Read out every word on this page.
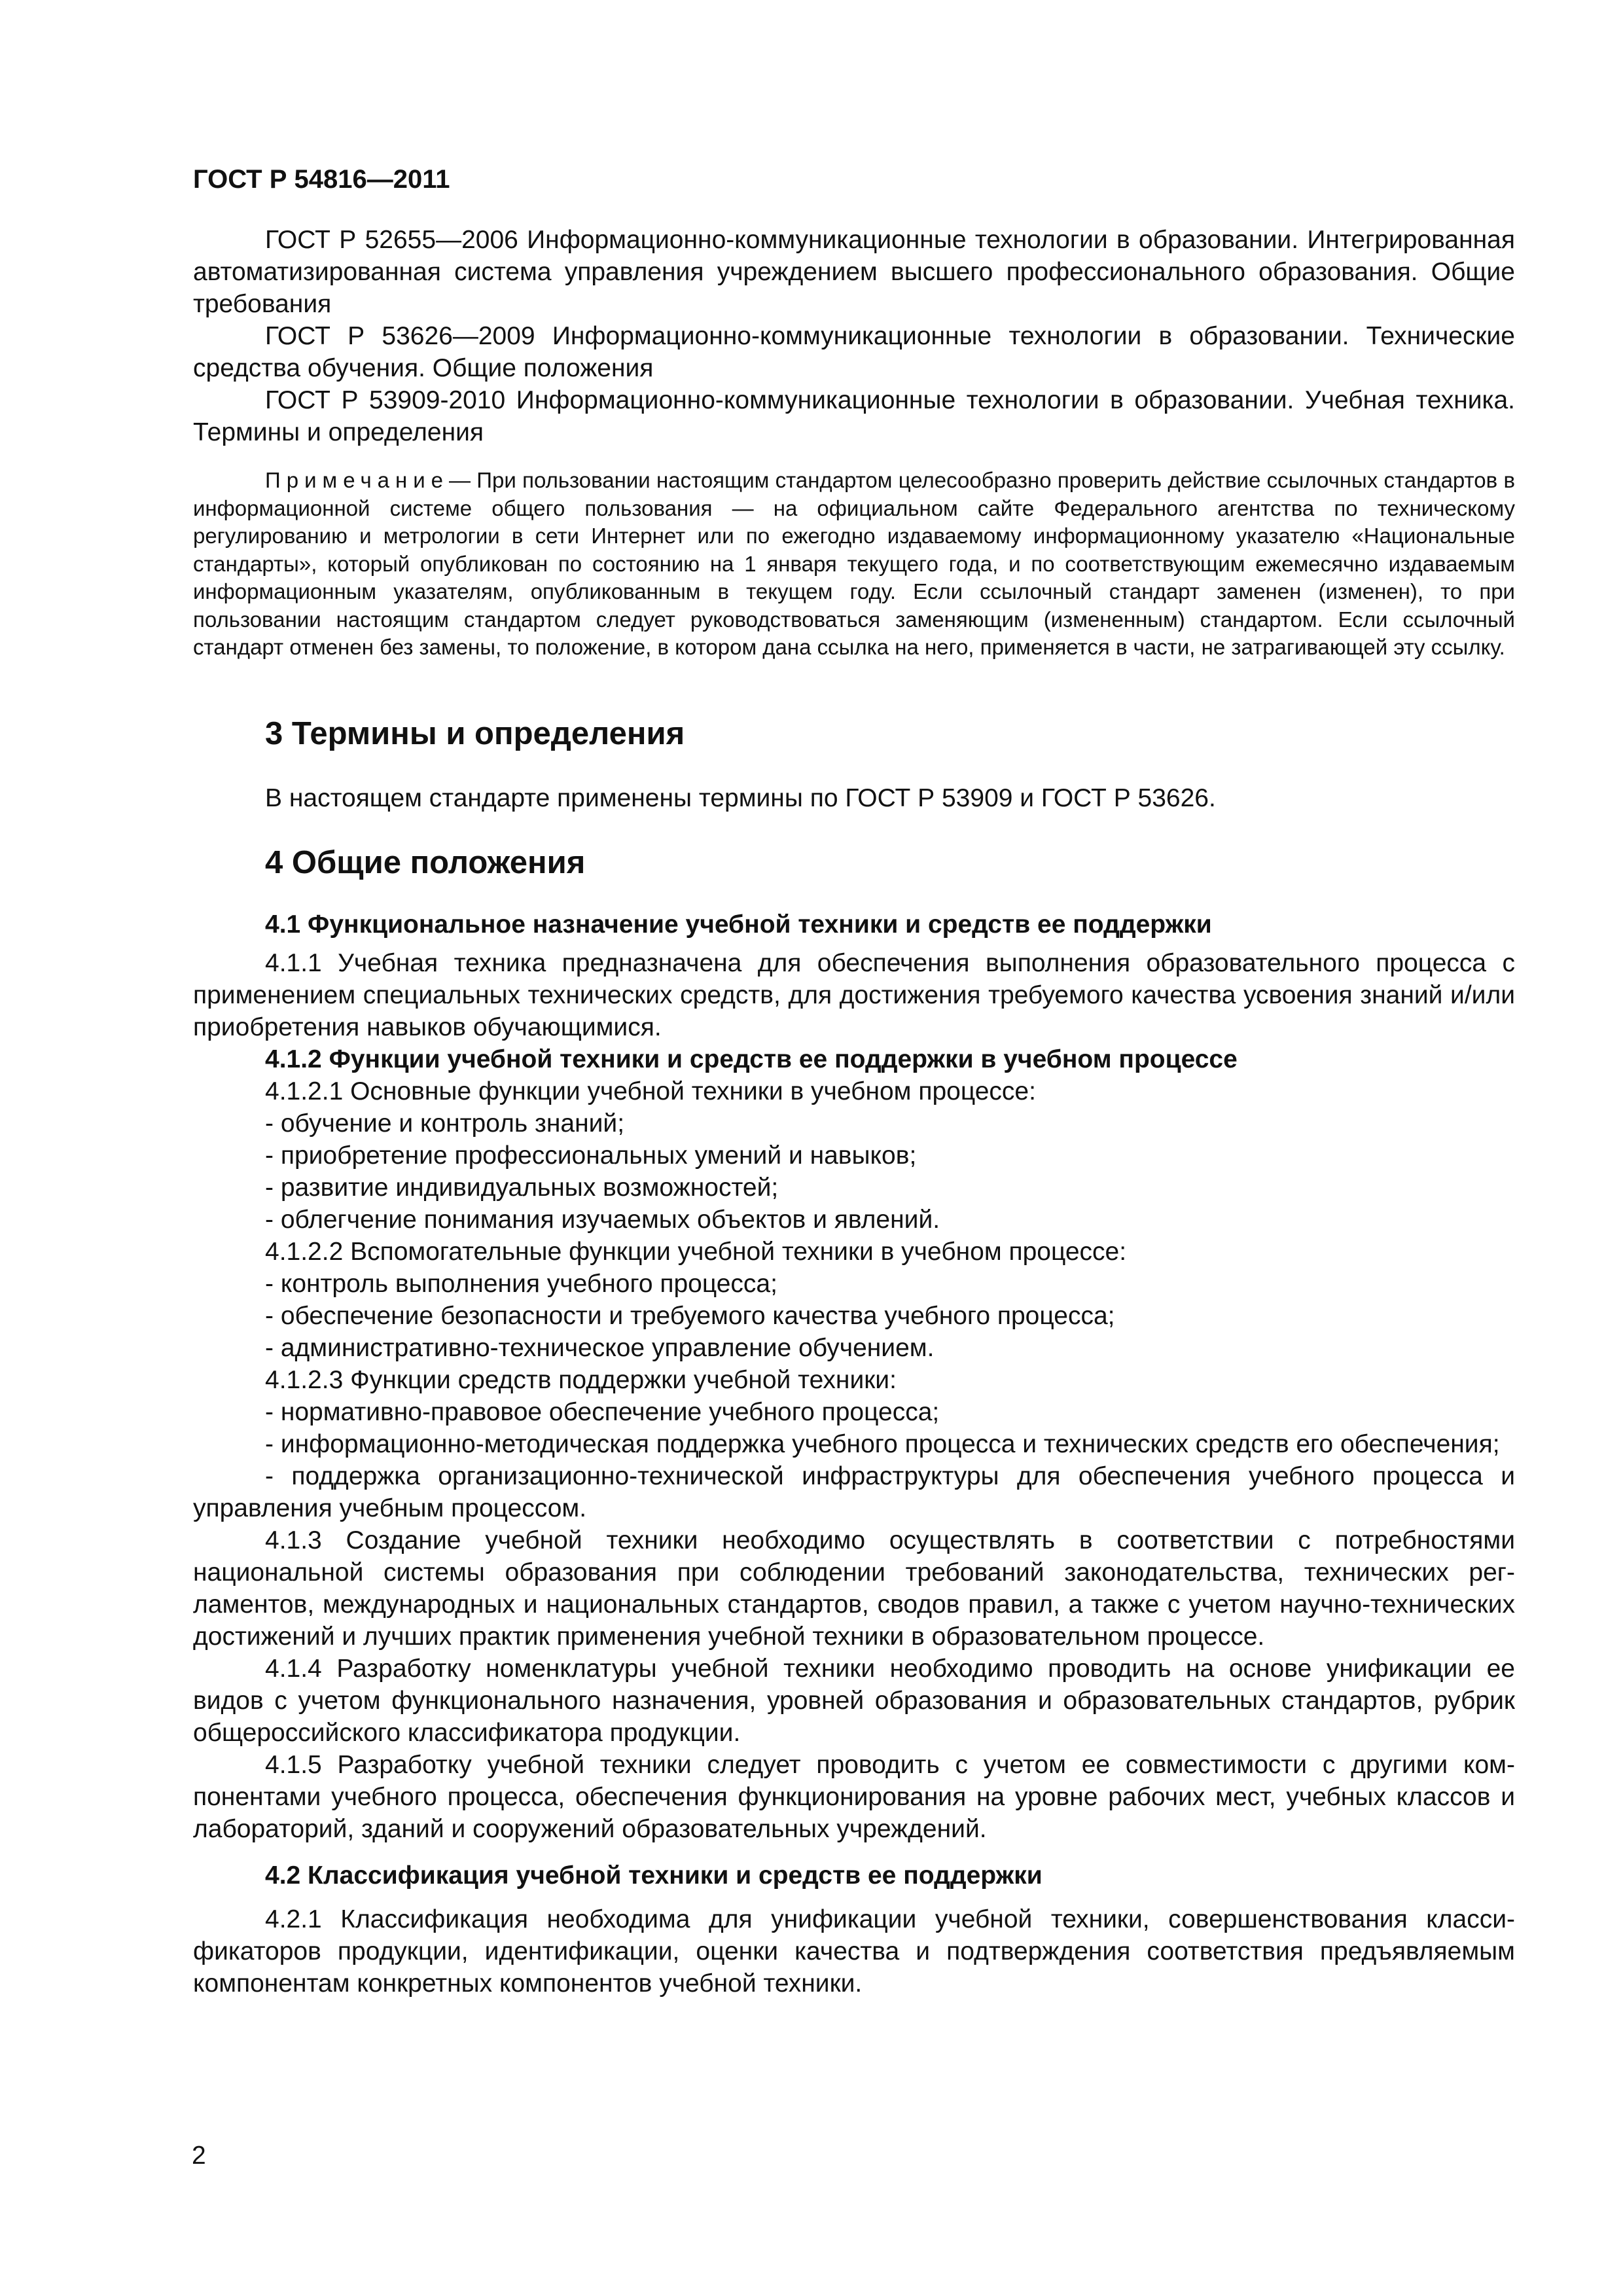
ГОСТ Р 54816—2011

ГОСТ Р 52655—2006 Информационно-коммуникационные технологии в образовании. Интегрированная автоматизированная система управления учреждением высшего профессионального образования. Общие требования

ГОСТ Р 53626—2009 Информационно-коммуникационные технологии в образовании. Технические средства обучения. Общие положения

ГОСТ Р 53909-2010 Информационно-коммуникационные технологии в образовании. Учебная техника. Термины и определения

Примечание— При пользовании настоящим стандартом целесообразно проверить действие ссылочных стандартов в информационной системе общего пользования — на официальном сайте Федерального агентства по техническому регулированию и метрологии в сети Интернет или по ежегодно издаваемому информационному указателю «Национальные стандарты», который опубликован по состоянию на 1 января текущего года, и по соответствующим ежемесячно издаваемым информационным указателям, опубликованным в текущем году. Если ссылочный стандарт заменен (изменен), то при пользовании настоящим стандартом следует руководствоваться заменяющим (измененным) стандартом. Если ссылочный стандарт отменен без замены, то положение, в котором дана ссылка на него, применяется в части, не затрагивающей эту ссылку.

3 Термины и определения

В настоящем стандарте применены термины по ГОСТ Р 53909 и ГОСТ Р 53626.

4 Общие положения
4.1 Функциональное назначение учебной техники и средств ее поддержки

4.1.1 Учебная техника предназначена для обеспечения выполнения образовательного процесса с применением специальных технических средств, для достижения требуемого качества усвоения знаний и/или приобретения навыков обучающимися.

4.1.2 Функции учебной техники и средств ее поддержки в учебном процессе

4.1.2.1 Основные функции учебной техники в учебном процессе:

- обучение и контроль знаний;

- приобретение профессиональных умений и навыков;

- развитие индивидуальных возможностей;

- облегчение понимания изучаемых объектов и явлений.

4.1.2.2 Вспомогательные функции учебной техники в учебном процессе:

- контроль выполнения учебного процесса;

- обеспечение безопасности и требуемого качества учебного процесса;

- административно-техническое управление обучением.

4.1.2.3 Функции средств поддержки учебной техники:

- нормативно-правовое обеспечение учебного процесса;

- информационно-методическая поддержка учебного процесса и технических средств его обеспечения;

- поддержка организационно-технической инфраструктуры для обеспечения учебного процесса и управления учебным процессом.

4.1.3 Создание учебной техники необходимо осуществлять в соответствии с потребностями национальной системы образования при соблюдении требований законодательства, технических регламентов, международных и национальных стандартов, сводов правил, а также с учетом научно-технических достижений и лучших практик применения учебной техники в образовательном процессе.

4.1.4 Разработку номенклатуры учебной техники необходимо проводить на основе унификации ее видов с учетом функционального назначения, уровней образования и образовательных стандартов, рубрик общероссийского классификатора продукции.

4.1.5 Разработку учебной техники следует проводить с учетом ее совместимости с другими компонентами учебного процесса, обеспечения функционирования на уровне рабочих мест, учебных классов и лабораторий, зданий и сооружений образовательных учреждений.

4.2 Классификация учебной техники и средств ее поддержки

4.2.1 Классификация необходима для унификации учебной техники, совершенствования классификаторов продукции, идентификации, оценки качества и подтверждения соответствия предъявляемым компонентам конкретных компонентов учебной техники.

2
